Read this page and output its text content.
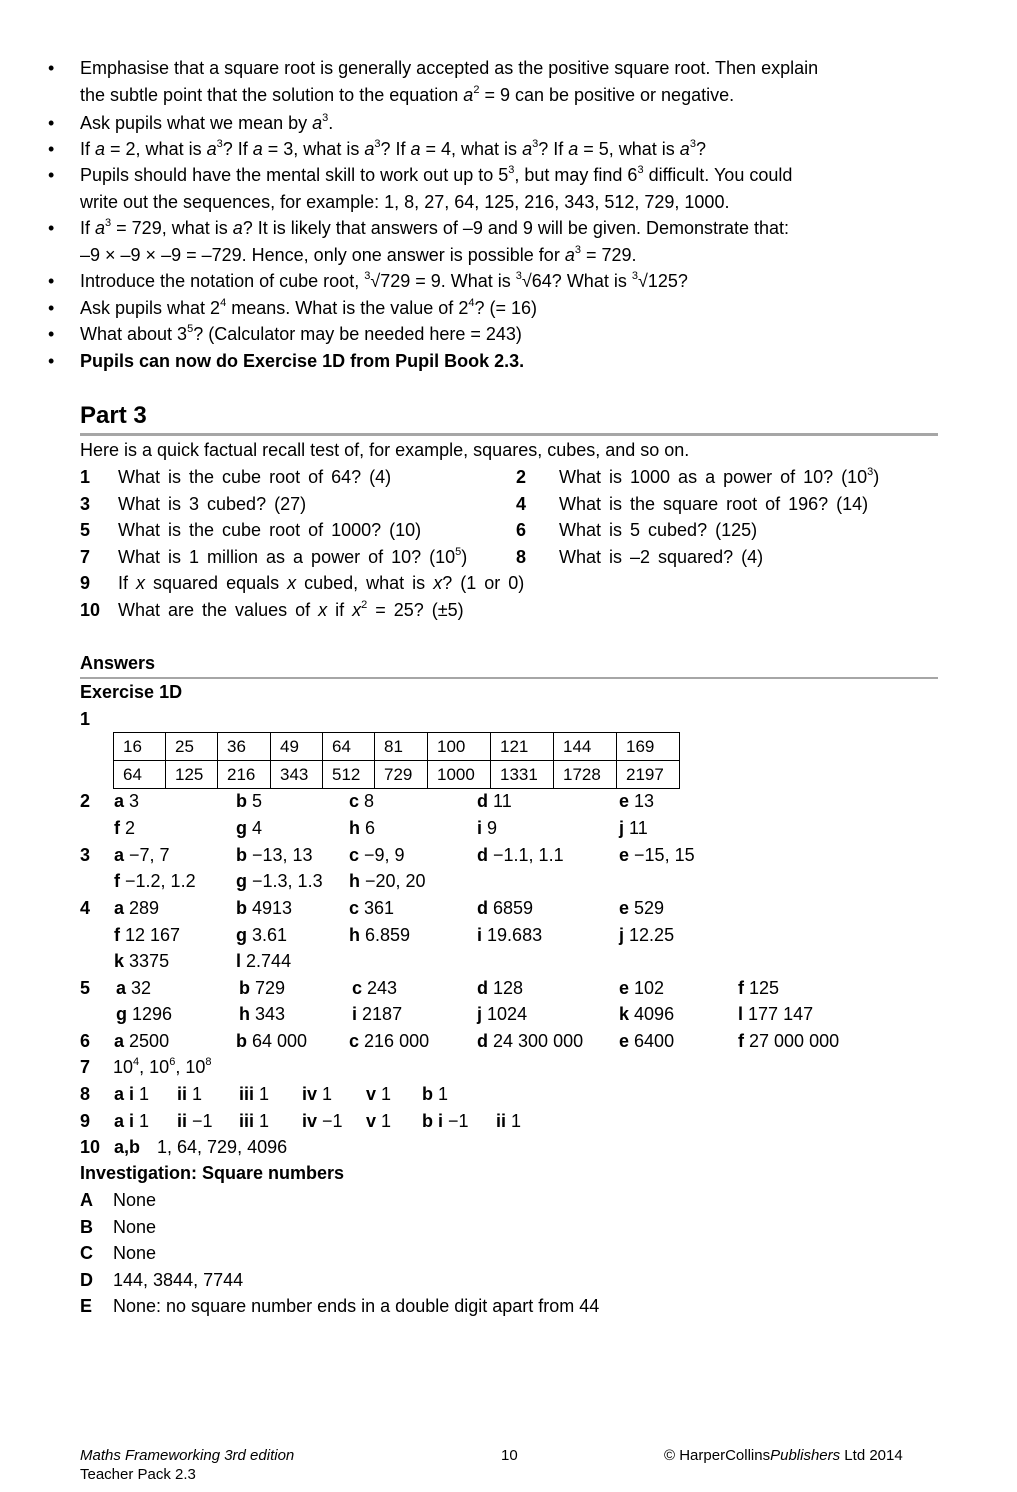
• Emphasise that a square root is generally accepted as the positive square root. Then explain
the subtle point that the solution to the equation $a^2 = 9$ can be positive or negative.
• Ask pupils what we mean by $a^3$.
• If a = 2, what is $a^3$? If a = 3, what is $a^3$? If a = 4, what is $a^3$? If a = 5, what is $a^3$?
• Pupils should have the mental skill to work out up to $5^3$, but may find $6^3$ difficult. You could
write out the sequences, for example: 1, 8, 27, 64, 125, 216, 343, 512, 729, 1000.
• If $a^3 = 729$, what is a? It is likely that answers of –9 and 9 will be given. Demonstrate that:
–9 × –9 × –9 = –729. Hence, only one answer is possible for $a^3 = 729$.
• Introduce the notation of cube root, $^3$√729 = 9. What is $^3$√64? What is $^3$√125?
• Ask pupils what $2^4$ means. What is the value of $2^4$? (= 16)
• What about $3^5$? (Calculator may be needed here = 243)
• Pupils can now do Exercise 1D from Pupil Book 2.3.
Part 3
Here is a quick factual recall test of, for example, squares, cubes, and so on.
1 What is the cube root of 64? (4)	2 What is 1000 as a power of 10? $(10^3)$
3 What is 3 cubed? (27)	4 What is the square root of 196? (14)
5 What is the cube root of 1000? (10)	6 What is 5 cubed? (125)
7 What is 1 million as a power of 10? $(10^5)$	8 What is –2 squared? (4)
9 If x squared equals x cubed, what is x? (1 or 0)
10 What are the values of x if $x^2 = 25$? (±5)
Answers
Exercise 1D
1
16	25	36	49	64	81	100	121	144	169
64	125	216	343	512	729	1000	1331	1728	2197
2 a 3	b 5	c 8	d 11	e 13
f 2	g 4	h 6	i 9	j 11
3 a −7, 7	b −13, 13 c −9, 9	d −1.1, 1.1	e −15, 15
f −1.2, 1.2 g −1.3, 1.3 h −20, 20
4 a 289	b 4913	c 361	d 6859	e 529
f 12 167	g 3.61	h 6.859	i 19.683	j 12.25
k 3375	l 2.744
5 a 32	b 729	c 243	d 128	e 102	f 125
g 1296	h 343	i 2187	j 1024	k 4096	l 177 147
6 a 2500	b 64 000 c 216 000	d 24 300 000 e 6400	f 27 000 000
7 $10^4$, $10^6$, $10^8$
8 a i 1 ii 1 iii 1 iv 1 v 1 b 1
9 a i 1 ii −1 iii 1 iv −1 v 1 b i −1 ii 1
10 a,b 1, 64, 729, 4096
Investigation: Square numbers
A None
B None
C None
D 144, 3844, 7744
E None: no square number ends in a double digit apart from 44
Maths Frameworking 3rd edition
Teacher Pack 2.3
10	© HarperCollinsPublishers Ltd 2014
